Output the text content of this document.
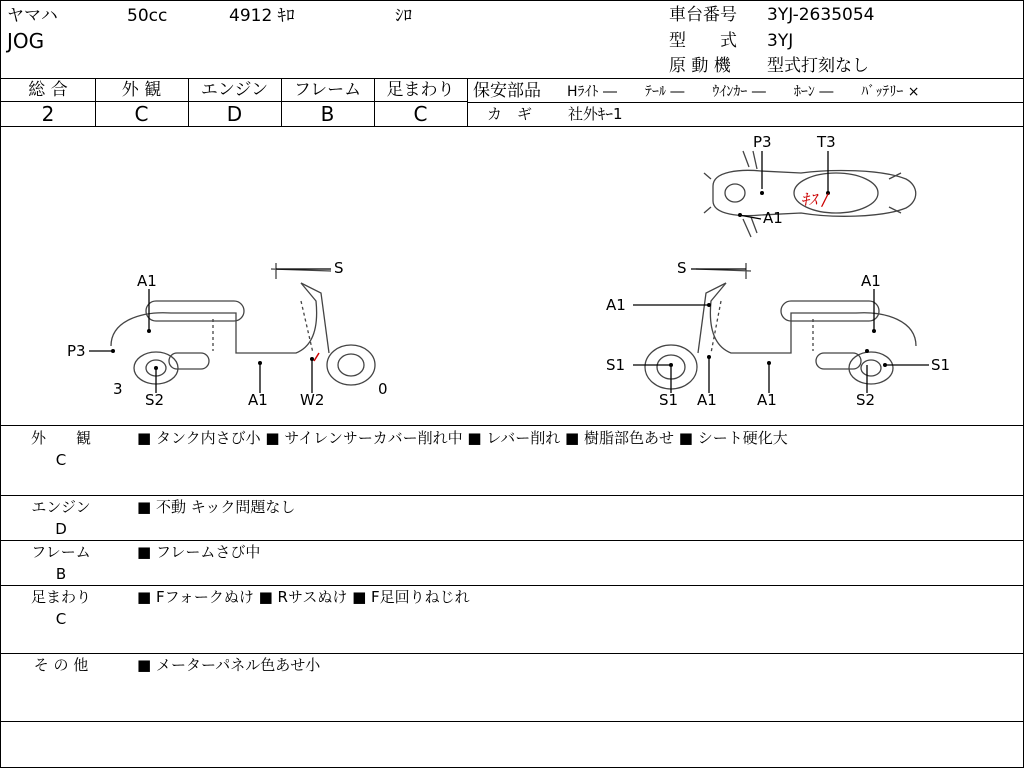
ヤマハ	50cc	4912 ｷﾛ	ｼﾛ
JOG
車台番号 3YJ-2635054
型　　式 3YJ
原 動 機 型式打刻なし
総 合	外 観	エンジン	フレーム	足まわり
2	C	D	B	C
保安部品 Hﾗｲﾄ ―　　ﾃｰﾙ ―　　ｳｲﾝｶｰ ―　　ﾎｰﾝ ―　　ﾊﾞｯﾃﾘｰ ×
カ　ギ 社外ｷｰ1
P3	T3
A1
A1
S
P3
3
S2	A1 W2
0
S
A1
A1
S1
S1 A1	A1	S2
S1
ｷｽ /
外　　観
C
■ タンク内さび小 ■ サイレンサーカバー削れ中 ■ レバー削れ ■ 樹脂部色あせ ■ シート硬化大
エンジン
D
■ 不動 キック問題なし
フレーム
B
■ フレームさび中
足まわり
C
■ Fフォークぬけ ■ Rサスぬけ ■ F足回りねじれ
そ の 他	■ メーターパネル色あせ小
